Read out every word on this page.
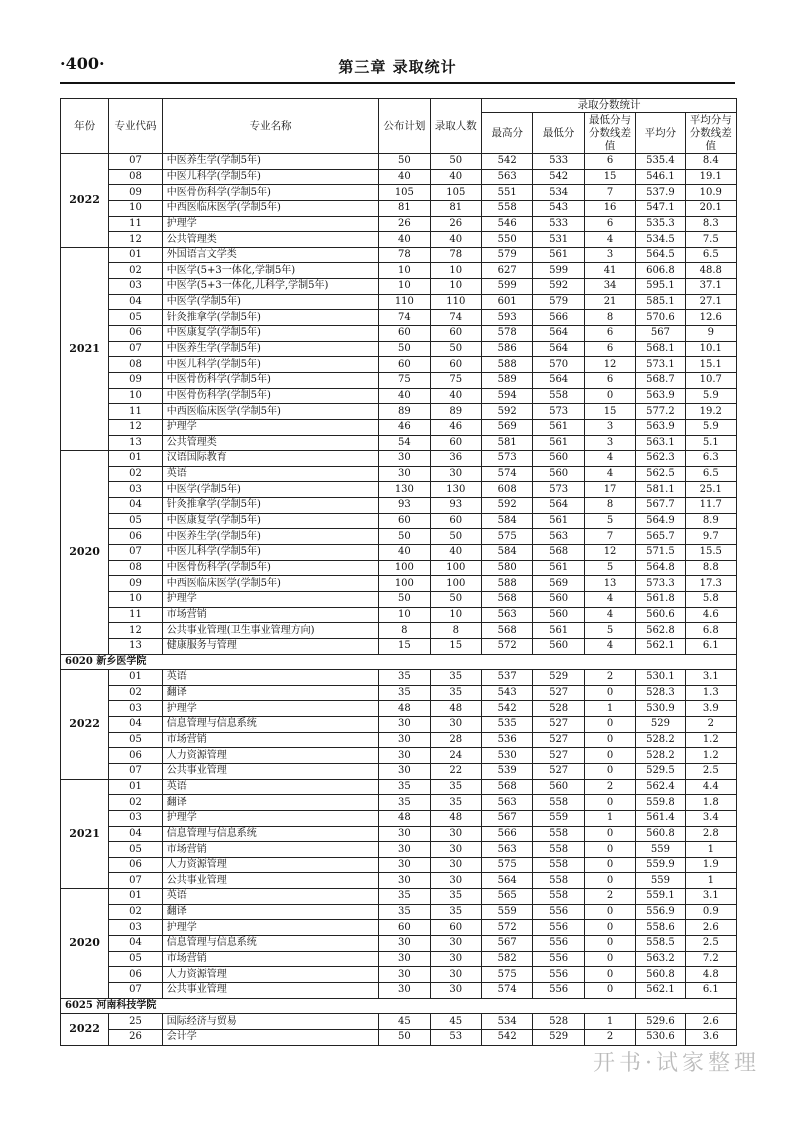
·400·	第三章 录取统计
年份	专业代码	专业名称	公布计划	录取人数	录取分数统计				
					最高分	最低分	最低分与分数线差值	平均分	平均分与分数线差值
2022	07	中医养生学(学制5年)	50	50	542	533	6	535.4	8.4
	08	中医儿科学(学制5年)	40	40	563	542	15	546.1	19.1
	09	中医骨伤科学(学制5年)	105	105	551	534	7	537.9	10.9
	10	中西医临床医学(学制5年)	81	81	558	543	16	547.1	20.1
	11	护理学	26	26	546	533	6	535.3	8.3
	12	公共管理类	40	40	550	531	4	534.5	7.5
2021	01	外国语言文学类	78	78	579	561	3	564.5	6.5
	02	中医学(5+3一体化,学制5年)	10	10	627	599	41	606.8	48.8
	03	中医学(5+3一体化,儿科学,学制5年)	10	10	599	592	34	595.1	37.1
	04	中医学(学制5年)	110	110	601	579	21	585.1	27.1
	05	针灸推拿学(学制5年)	74	74	593	566	8	570.6	12.6
	06	中医康复学(学制5年)	60	60	578	564	6	567	9
	07	中医养生学(学制5年)	50	50	586	564	6	568.1	10.1
	08	中医儿科学(学制5年)	60	60	588	570	12	573.1	15.1
	09	中医骨伤科学(学制5年)	75	75	589	564	6	568.7	10.7
	10	中医骨伤科学(学制5年)	40	40	594	558	0	563.9	5.9
	11	中西医临床医学(学制5年)	89	89	592	573	15	577.2	19.2
	12	护理学	46	46	569	561	3	563.9	5.9
	13	公共管理类	54	60	581	561	3	563.1	5.1
2020	01	汉语国际教育	30	36	573	560	4	562.3	6.3
	02	英语	30	30	574	560	4	562.5	6.5
	03	中医学(学制5年)	130	130	608	573	17	581.1	25.1
	04	针灸推拿学(学制5年)	93	93	592	564	8	567.7	11.7
	05	中医康复学(学制5年)	60	60	584	561	5	564.9	8.9
	06	中医养生学(学制5年)	50	50	575	563	7	565.7	9.7
	07	中医儿科学(学制5年)	40	40	584	568	12	571.5	15.5
	08	中医骨伤科学(学制5年)	100	100	580	561	5	564.8	8.8
	09	中西医临床医学(学制5年)	100	100	588	569	13	573.3	17.3
	10	护理学	50	50	568	560	4	561.8	5.8
	11	市场营销	10	10	563	560	4	560.6	4.6
	12	公共事业管理(卫生事业管理方向)	8	8	568	561	5	562.8	6.8
	13	健康服务与管理	15	15	572	560	4	562.1	6.1
6020 新乡医学院									
2022	01	英语	35	35	537	529	2	530.1	3.1
	02	翻译	35	35	543	527	0	528.3	1.3
	03	护理学	48	48	542	528	1	530.9	3.9
	04	信息管理与信息系统	30	30	535	527	0	529	2
	05	市场营销	30	28	536	527	0	528.2	1.2
	06	人力资源管理	30	24	530	527	0	528.2	1.2
	07	公共事业管理	30	22	539	527	0	529.5	2.5
2021	01	英语	35	35	568	560	2	562.4	4.4
	02	翻译	35	35	563	558	0	559.8	1.8
	03	护理学	48	48	567	559	1	561.4	3.4
	04	信息管理与信息系统	30	30	566	558	0	560.8	2.8
	05	市场营销	30	30	563	558	0	559	1
	06	人力资源管理	30	30	575	558	0	559.9	1.9
	07	公共事业管理	30	30	564	558	0	559	1
2020	01	英语	35	35	565	558	2	559.1	3.1
	02	翻译	35	35	559	556	0	556.9	0.9
	03	护理学	60	60	572	556	0	558.6	2.6
	04	信息管理与信息系统	30	30	567	556	0	558.5	2.5
	05	市场营销	30	30	582	556	0	563.2	7.2
	06	人力资源管理	30	30	575	556	0	560.8	4.8
	07	公共事业管理	30	30	574	556	0	562.1	6.1
6025 河南科技学院									
2022	25	国际经济与贸易	45	45	534	528	1	529.6	2.6
	26	会计学	50	53	542	529	2	530.6	3.6
开书·试家整理
